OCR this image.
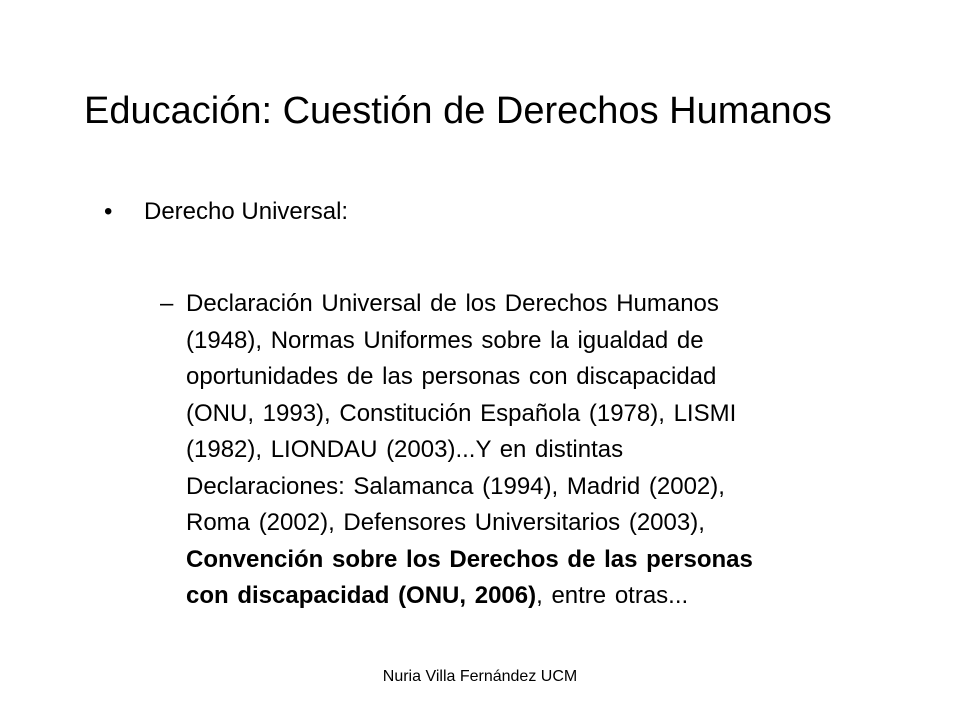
Educación: Cuestión de Derechos Humanos
• Derecho Universal:
– Declaración Universal de los Derechos Humanos
(1948), Normas Uniformes sobre la igualdad de
oportunidades de las personas con discapacidad
(ONU, 1993), Constitución Española (1978), LISMI
(1982), LIONDAU (2003)...Y en distintas
Declaraciones: Salamanca (1994), Madrid (2002),
Roma (2002), Defensores Universitarios (2003),
Convención sobre los Derechos de las personas
con discapacidad (ONU, 2006), entre otras...
Nuria Villa Fernández UCM
